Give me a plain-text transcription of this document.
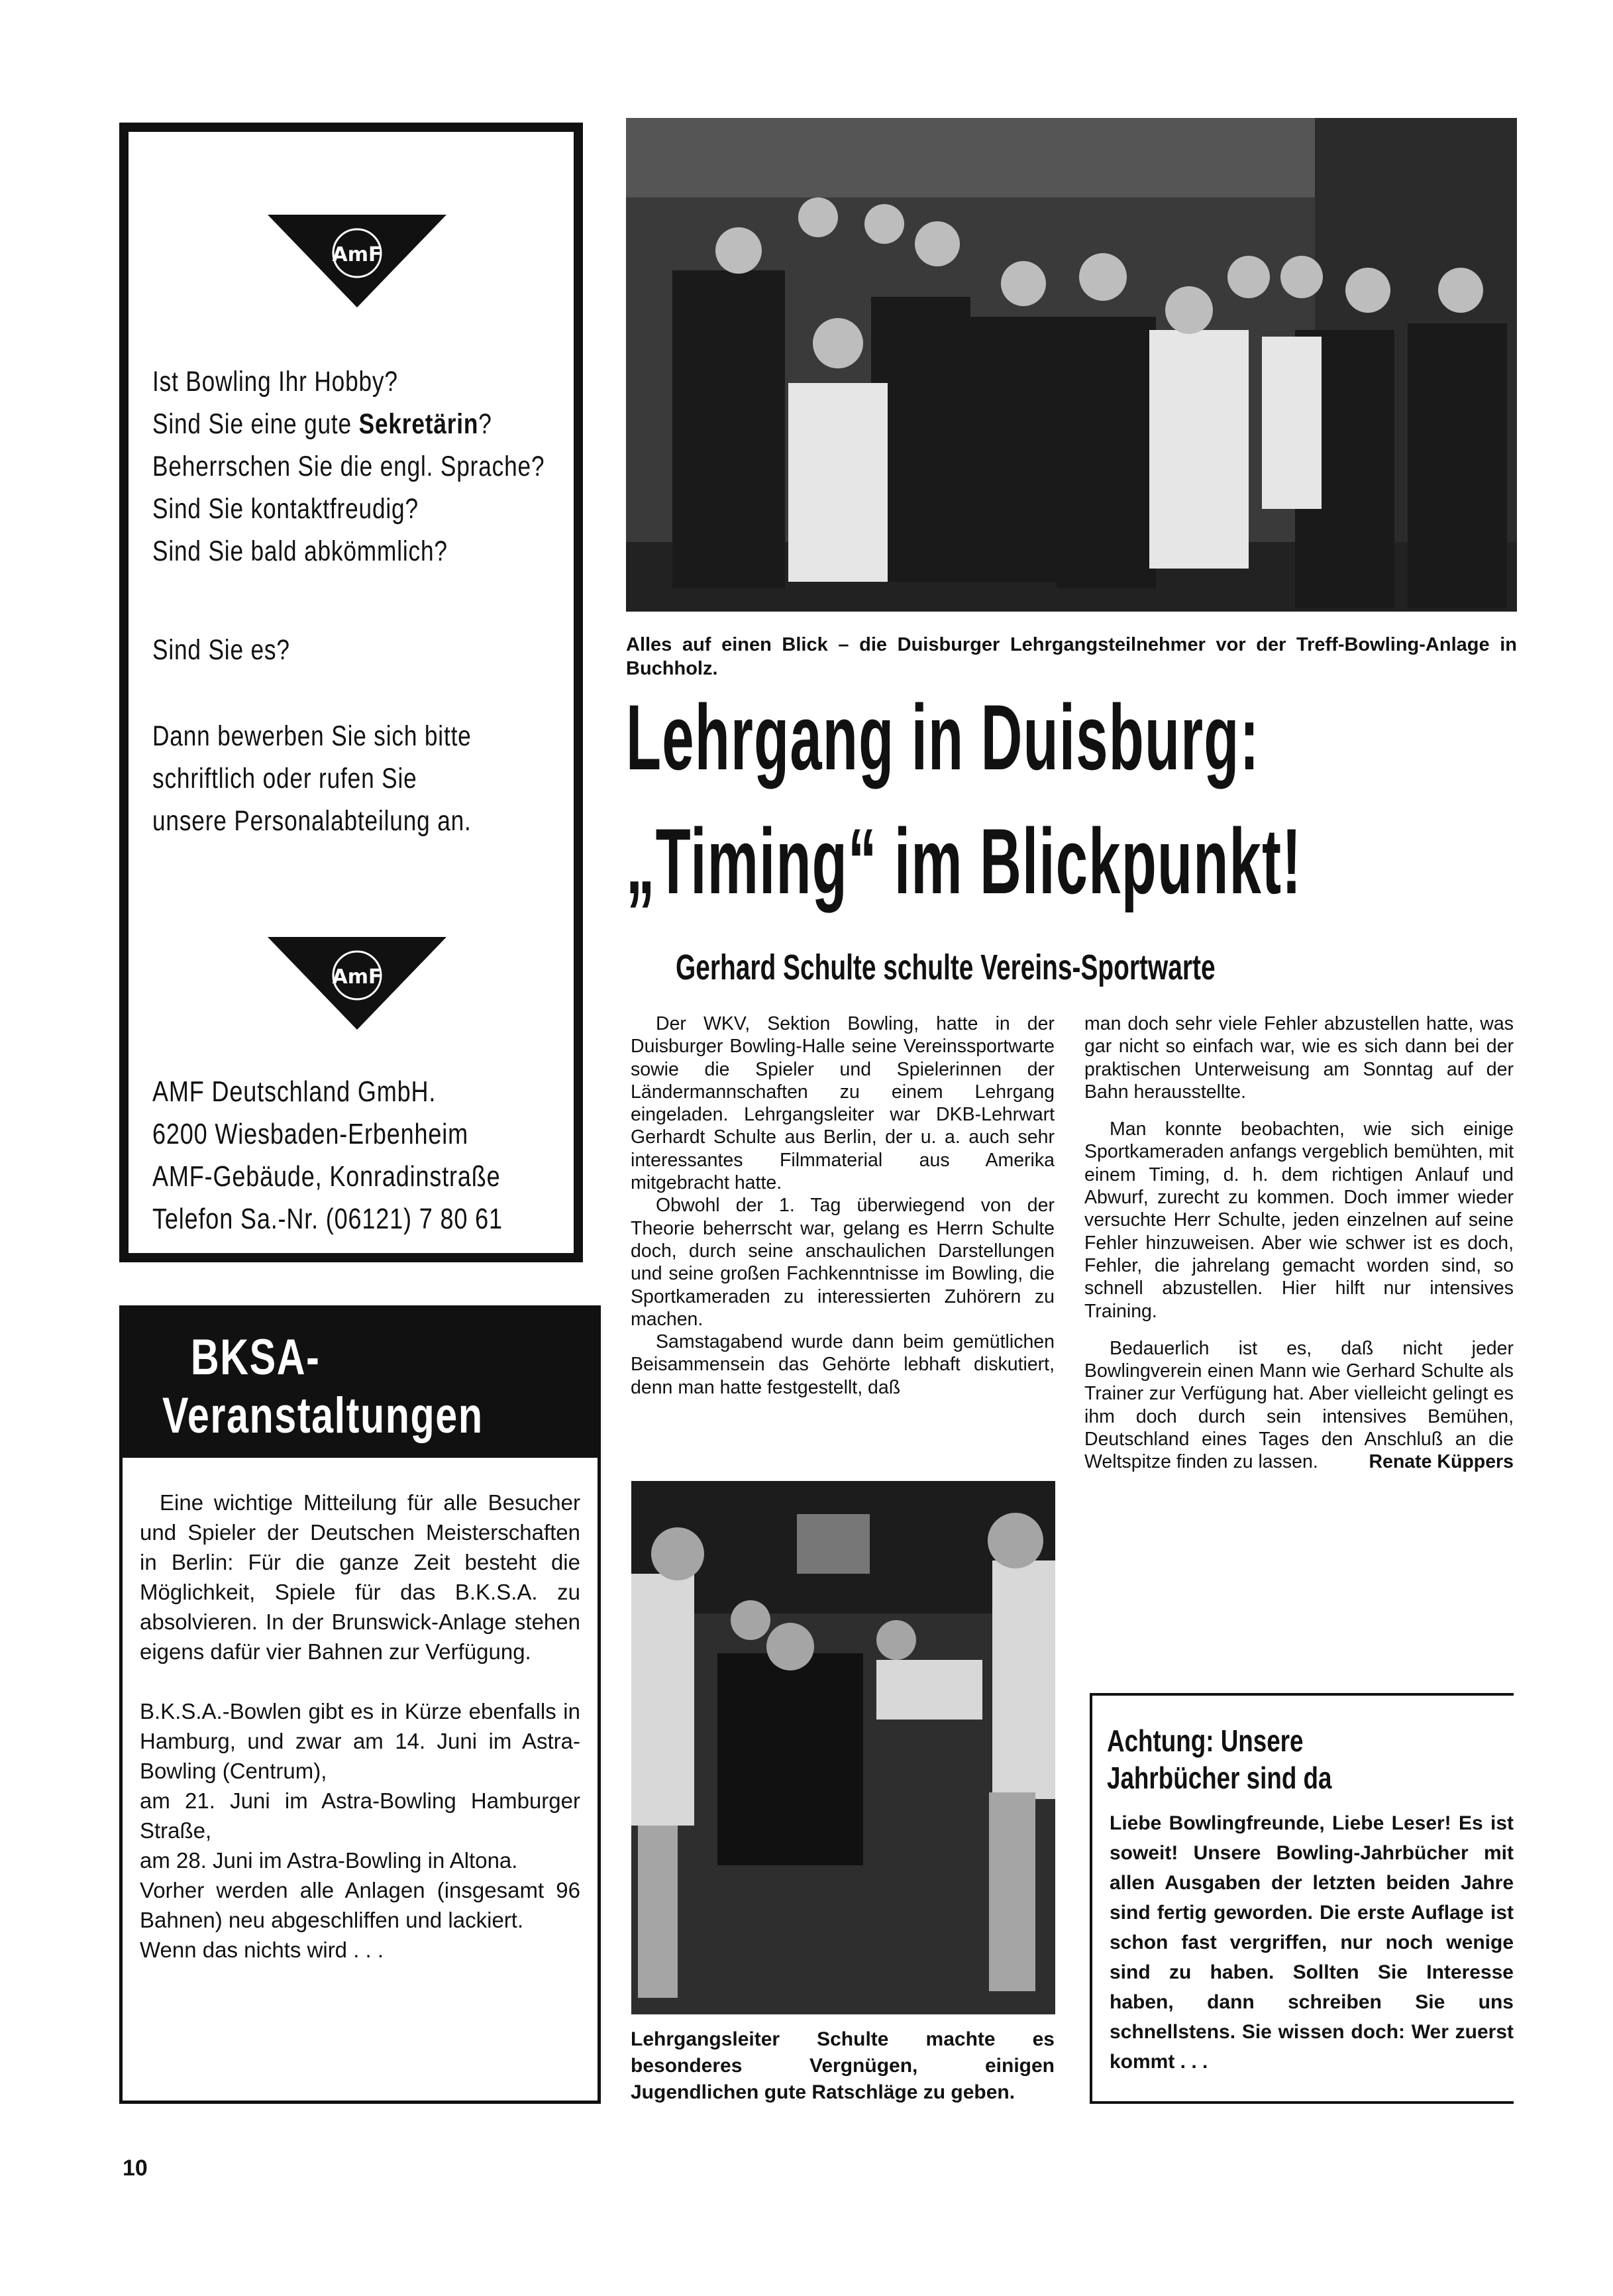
AmF
Ist Bowling Ihr Hobby?
Sind Sie eine gute Sekretärin?
Beherrschen Sie die engl. Sprache?
Sind Sie kontaktfreudig?
Sind Sie bald abkömmlich?
Sind Sie es?
Dann bewerben Sie sich bitte
schriftlich oder rufen Sie
unsere Personalabteilung an.
AmF
AMF Deutschland GmbH.
6200 Wiesbaden-Erbenheim
AMF-Gebäude, Konradinstraße
Telefon Sa.-Nr. (06121) 7 80 61
BKSA-
Veranstaltungen

Eine wichtige Mitteilung für alle Besucher und Spieler der Deutschen Meisterschaften in Berlin: Für die ganze Zeit besteht die Möglichkeit, Spiele für das B.K.S.A. zu absolvieren. In der Brunswick-Anlage stehen eigens dafür vier Bahnen zur Verfügung.

B.K.S.A.-Bowlen gibt es in Kürze ebenfalls in Hamburg, und zwar am 14. Juni im Astra-Bowling (Centrum),

am 21. Juni im Astra-Bowling Hamburger Straße,

am 28. Juni im Astra-Bowling in Altona.

Vorher werden alle Anlagen (insgesamt 96 Bahnen) neu abgeschliffen und lackiert.

Wenn das nichts wird . . .

Alles auf einen Blick – die Duisburger Lehrgangsteilnehmer vor der Treff-Bowling-Anlage in Buchholz.
Lehrgang in Duisburg:
„Timing“ im Blickpunkt!
Gerhard Schulte schulte Vereins-Sportwarte

Der WKV, Sektion Bowling, hatte in der Duisburger Bowling-Halle seine Vereinssportwarte sowie die Spieler und Spielerinnen der Ländermannschaften zu einem Lehrgang eingeladen. Lehrgangsleiter war DKB-Lehrwart Gerhardt Schulte aus Berlin, der u. a. auch sehr interessantes Filmmaterial aus Amerika mitgebracht hatte.

Obwohl der 1. Tag überwiegend von der Theorie beherrscht war, gelang es Herrn Schulte doch, durch seine anschaulichen Darstellungen und seine großen Fachkenntnisse im Bowling, die Sportkameraden zu interessierten Zuhörern zu machen.

Samstagabend wurde dann beim gemütlichen Beisammensein das Gehörte lebhaft diskutiert, denn man hatte festgestellt, daß

man doch sehr viele Fehler abzustellen hatte, was gar nicht so einfach war, wie es sich dann bei der praktischen Unterweisung am Sonntag auf der Bahn herausstellte.

Man konnte beobachten, wie sich einige Sportkameraden anfangs vergeblich bemühten, mit einem Timing, d. h. dem richtigen Anlauf und Abwurf, zurecht zu kommen. Doch immer wieder versuchte Herr Schulte, jeden einzelnen auf seine Fehler hinzuweisen. Aber wie schwer ist es doch, Fehler, die jahrelang gemacht worden sind, so schnell abzustellen. Hier hilft nur intensives Training.

Bedauerlich ist es, daß nicht jeder Bowlingverein einen Mann wie Gerhard Schulte als Trainer zur Verfügung hat. Aber vielleicht gelingt es ihm doch durch sein intensives Bemühen, Deutschland eines Tages den Anschluß an die Weltspitze finden zu lassen.	Renate Küppers

Lehrgangsleiter Schulte machte es besonderes Vergnügen, einigen Jugendlichen gute Ratschläge zu geben.
Achtung: Unsere
Jahrbücher sind da
Liebe Bowlingfreunde, Liebe Leser! Es ist soweit! Unsere Bowling-Jahrbücher mit allen Ausgaben der letzten beiden Jahre sind fertig geworden. Die erste Auflage ist schon fast vergriffen, nur noch wenige sind zu haben. Sollten Sie Interesse haben, dann schreiben Sie uns schnellstens. Sie wissen doch: Wer zuerst kommt . . .
10
